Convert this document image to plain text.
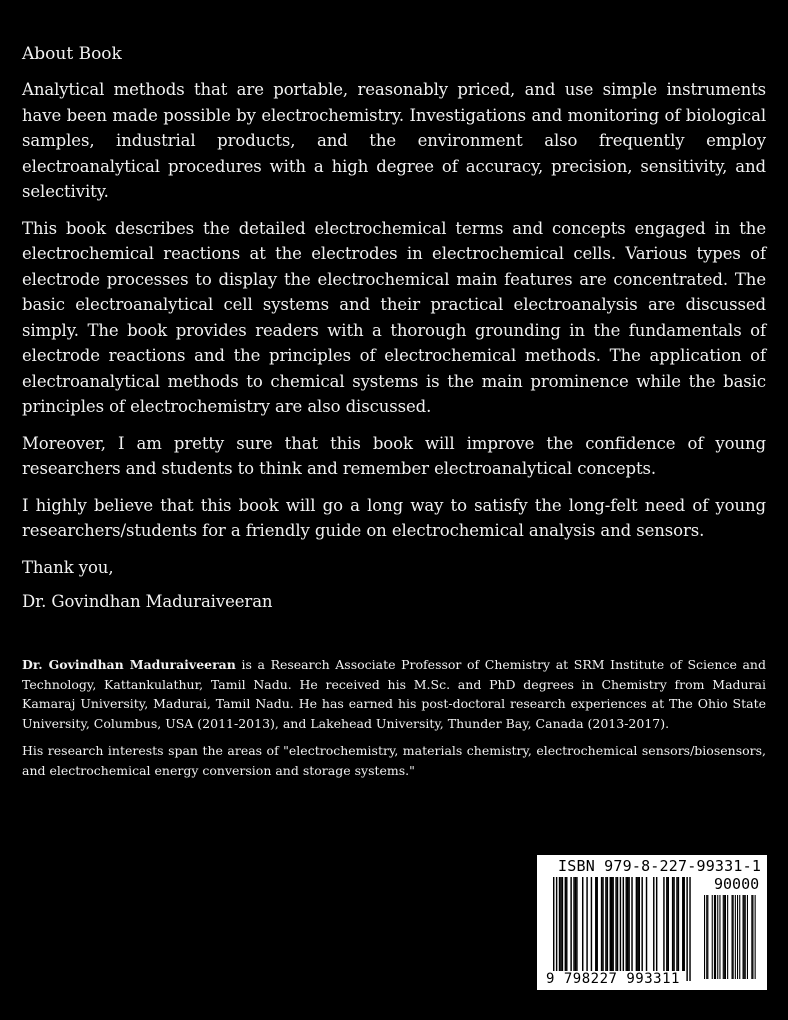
About Book

Analytical methods that are portable, reasonably priced, and use simple instruments have been made possible by electrochemistry. Investigations and monitoring of biological samples, industrial products, and the environment also frequently employ electroanalytical procedures with a high degree of accuracy, precision, sensitivity, and selectivity.

This book describes the detailed electrochemical terms and concepts engaged in the electrochemical reactions at the electrodes in electrochemical cells. Various types of electrode processes to display the electrochemical main features are concentrated. The basic electroanalytical cell systems and their practical electroanalysis are discussed simply. The book provides readers with a thorough grounding in the fundamentals of electrode reactions and the principles of electrochemical methods. The application of electroanalytical methods to chemical systems is the main prominence while the basic principles of electrochemistry are also discussed.

Moreover, I am pretty sure that this book will improve the confidence of young researchers and students to think and remember electroanalytical concepts.

I highly believe that this book will go a long way to satisfy the long-felt need of young researchers/students for a friendly guide on electrochemical analysis and sensors.

Thank you,

Dr. Govindhan Maduraiveeran

Dr. Govindhan Maduraiveeran is a Research Associate Professor of Chemistry at SRM Institute of Science and Technology, Kattankulathur, Tamil Nadu. He received his M.Sc. and PhD degrees in Chemistry from Madurai Kamaraj University, Madurai, Tamil Nadu. He has earned his post-doctoral research experiences at The Ohio State University, Columbus, USA (2011-2013), and Lakehead University, Thunder Bay, Canada (2013-2017).

His research interests span the areas of "electrochemistry, materials chemistry, electrochemical sensors/biosensors, and electrochemical energy conversion and storage systems."

ISBN 979-8-227-99331-1
90000
9 798227 993311
